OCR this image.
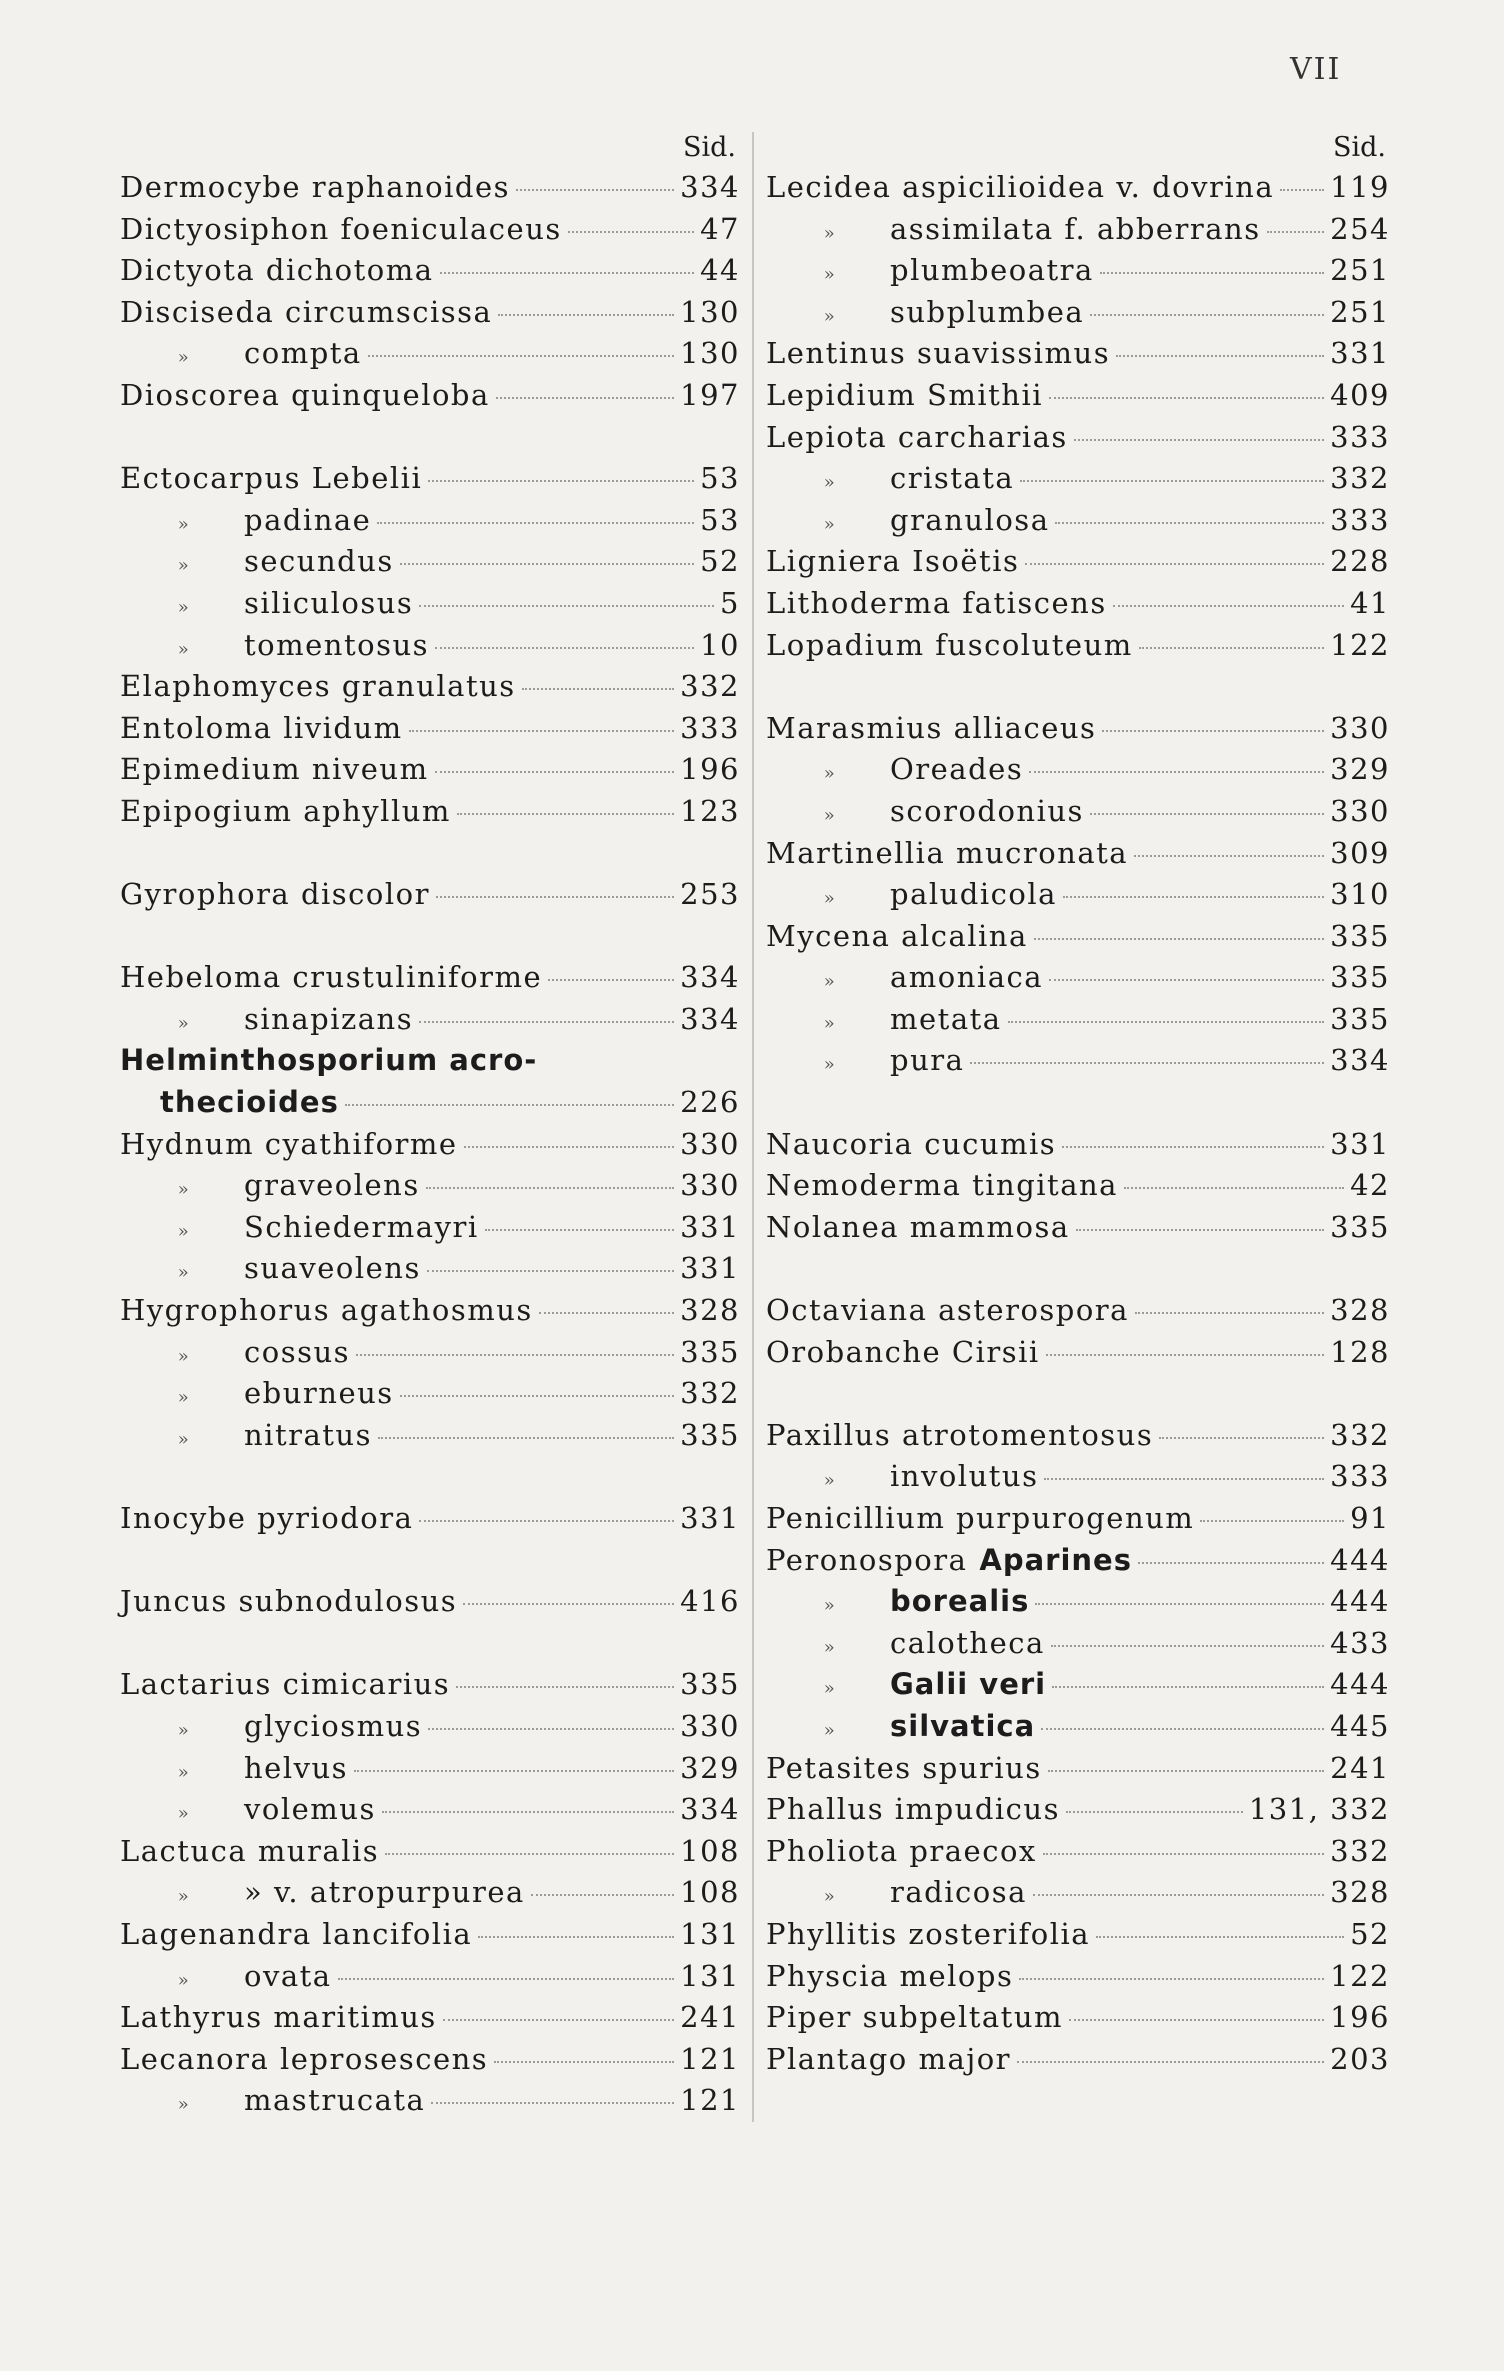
VII
Sid.
Dermocybe raphanoides	334
Dictyosiphon foeniculaceus	47
Dictyota dichotoma	44
Disciseda circumscissa	130
»	compta	130
Dioscorea quinqueloba	197
Ectocarpus Lebelii	53
»	padinae	53
»	secundus	52
»	siliculosus	5
»	tomentosus	10
Elaphomyces granulatus	332
Entoloma lividum	333
Epimedium niveum	196
Epipogium aphyllum	123
Gyrophora discolor	253
Hebeloma crustuliniforme	334
»	sinapizans	334
Helminthosporium acro-
thecioides	226
Hydnum cyathiforme	330
»	graveolens	330
»	Schiedermayri	331
»	suaveolens	331
Hygrophorus agathosmus	328
»	cossus	335
»	eburneus	332
»	nitratus	335
Inocybe pyriodora	331
Juncus subnodulosus	416
Lactarius cimicarius	335
»	glyciosmus	330
»	helvus	329
»	volemus	334
Lactuca muralis	108
»	» v. atropurpurea	108
Lagenandra lancifolia	131
»	ovata	131
Lathyrus maritimus	241
Lecanora leprosescens	121
»	mastrucata	121
Sid.
Lecidea aspicilioidea v. dovrina 119
»	assimilata f. abberrans 254
»	plumbeoatra	251
»	subplumbea	251
Lentinus suavissimus	331
Lepidium Smithii	409
Lepiota carcharias	333
»	cristata	332
»	granulosa	333
Ligniera Isoëtis	228
Lithoderma fatiscens	41
Lopadium fuscoluteum	122
Marasmius alliaceus	330
»	Oreades	329
»	scorodonius	330
Martinellia mucronata	309
»	paludicola	310
Mycena alcalina	335
»	amoniaca	335
»	metata	335
»	pura	334
Naucoria cucumis	331
Nemoderma tingitana	42
Nolanea mammosa	335
Octaviana asterospora	328
Orobanche Cirsii	128
Paxillus atrotomentosus	332
»	involutus	333
Penicillium purpurogenum	91
Peronospora Aparines	444
»	borealis	444
»	calotheca	433
»	Galii veri	444
»	silvatica	445
Petasites spurius	241
Phallus impudicus	131, 332
Pholiota praecox	332
»	radicosa	328
Phyllitis zosterifolia	52
Physcia melops	122
Piper subpeltatum	196
Plantago major	203
